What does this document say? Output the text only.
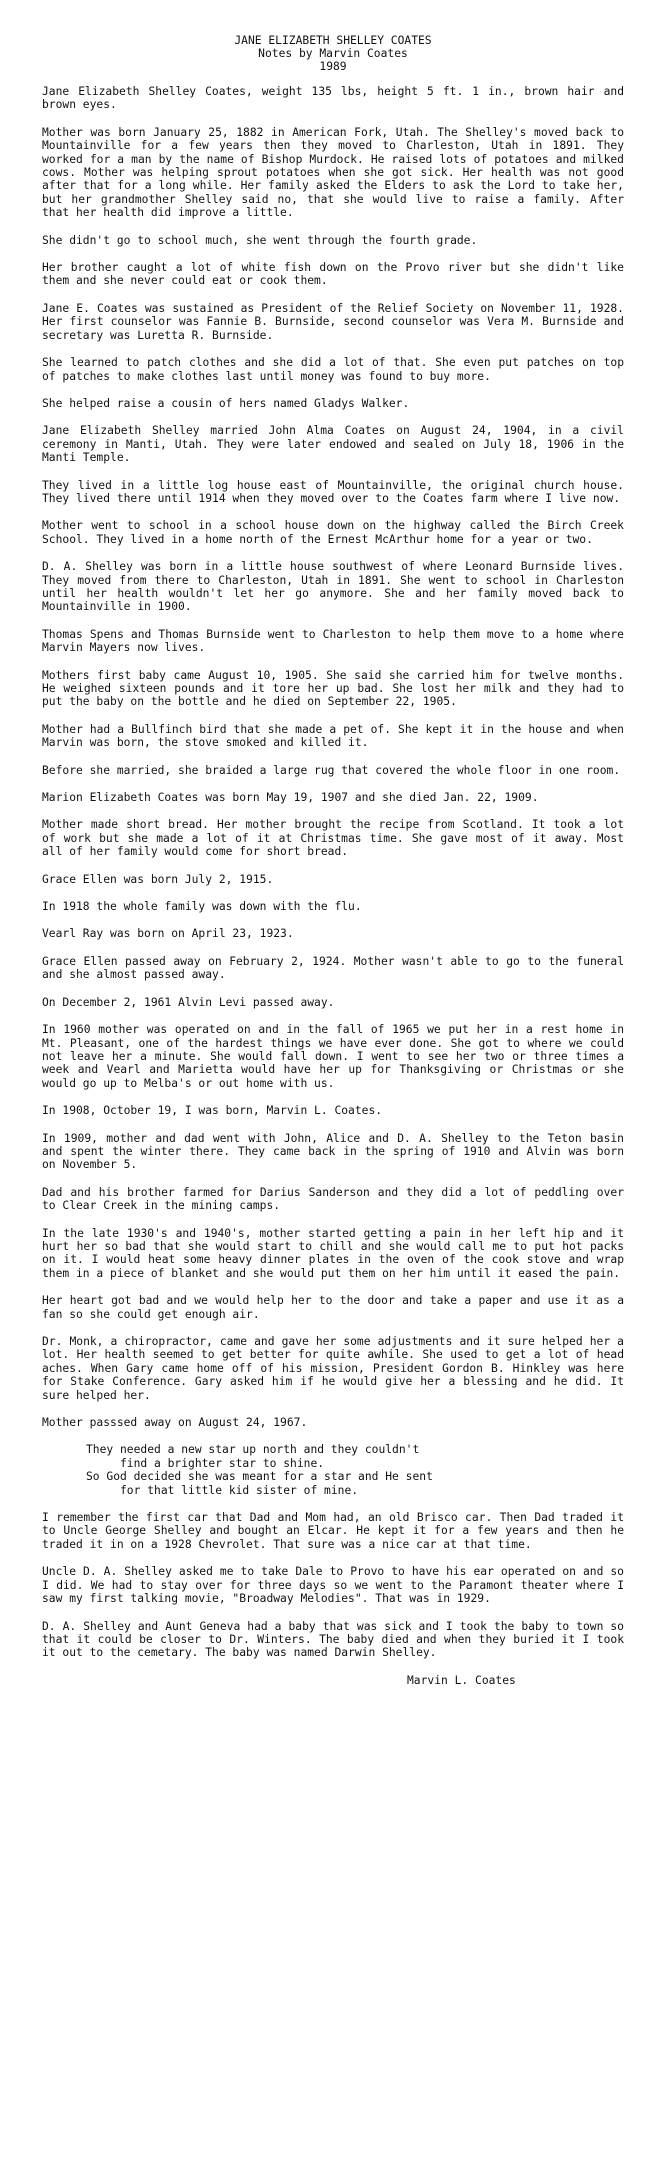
JANE ELIZABETH SHELLEY COATES
Notes by Marvin Coates
1989

Jane Elizabeth Shelley Coates, weight 135 lbs, height 5 ft. 1 in., brown hair and brown eyes.

Mother was born January 25, 1882 in American Fork, Utah. The Shelley's moved back to Mountainville for a few years then they moved to Charleston, Utah in 1891. They worked for a man by the name of Bishop Murdock. He raised lots of potatoes and milked cows. Mother was helping sprout potatoes when she got sick. Her health was not good after that for a long while. Her family asked the Elders to ask the Lord to take her, but her grandmother Shelley said no, that she would live to raise a family. After that her health did improve a little.

She didn't go to school much, she went through the fourth grade.

Her brother caught a lot of white fish down on the Provo river but she didn't like them and she never could eat or cook them.

Jane E. Coates was sustained as President of the Relief Society on November 11, 1928. Her first counselor was Fannie B. Burnside, second counselor was Vera M. Burnside and secretary was Luretta R. Burnside.

She learned to patch clothes and she did a lot of that. She even put patches on top of patches to make clothes last until money was found to buy more.

She helped raise a cousin of hers named Gladys Walker.

Jane Elizabeth Shelley married John Alma Coates on August 24, 1904, in a civil ceremony in Manti, Utah. They were later endowed and sealed on July 18, 1906 in the Manti Temple.

They lived in a little log house east of Mountainville, the original church house. They lived there until 1914 when they moved over to the Coates farm where I live now.

Mother went to school in a school house down on the highway called the Birch Creek School. They lived in a home north of the Ernest McArthur home for a year or two.

D. A. Shelley was born in a little house southwest of where Leonard Burnside lives. They moved from there to Charleston, Utah in 1891. She went to school in Charleston until her health wouldn't let her go anymore. She and her family moved back to Mountainville in 1900.

Thomas Spens and Thomas Burnside went to Charleston to help them move to a home where Marvin Mayers now lives.

Mothers first baby came August 10, 1905. She said she carried him for twelve months. He weighed sixteen pounds and it tore her up bad. She lost her milk and they had to put the baby on the bottle and he died on September 22, 1905.

Mother had a Bullfinch bird that she made a pet of. She kept it in the house and when Marvin was born, the stove smoked and killed it.

Before she married, she braided a large rug that covered the whole floor in one room.

Marion Elizabeth Coates was born May 19, 1907 and she died Jan. 22, 1909.

Mother made short bread. Her mother brought the recipe from Scotland. It took a lot of work but she made a lot of it at Christmas time. She gave most of it away. Most all of her family would come for short bread.

Grace Ellen was born July 2, 1915.

In 1918 the whole family was down with the flu.

Vearl Ray was born on April 23, 1923.

Grace Ellen passed away on February 2, 1924. Mother wasn't able to go to the funeral and she almost passed away.

On December 2, 1961 Alvin Levi passed away.

In 1960 mother was operated on and in the fall of 1965 we put her in a rest home in Mt. Pleasant, one of the hardest things we have ever done. She got to where we could not leave her a minute. She would fall down. I went to see her two or three times a week and Vearl and Marietta would have her up for Thanksgiving or Christmas or she would go up to Melba's or out home with us.

In 1908, October 19, I was born, Marvin L. Coates.

In 1909, mother and dad went with John, Alice and D. A. Shelley to the Teton basin and spent the winter there. They came back in the spring of 1910 and Alvin was born on November 5.

Dad and his brother farmed for Darius Sanderson and they did a lot of peddling over to Clear Creek in the mining camps.

In the late 1930's and 1940's, mother started getting a pain in her left hip and it hurt her so bad that she would start to chill and she would call me to put hot packs on it. I would heat some heavy dinner plates in the oven of the cook stove and wrap them in a piece of blanket and she would put them on her him until it eased the pain.

Her heart got bad and we would help her to the door and take a paper and use it as a fan so she could get enough air.

Dr. Monk, a chiropractor, came and gave her some adjustments and it sure helped her a lot. Her health seemed to get better for quite awhile. She used to get a lot of head aches. When Gary came home off of his mission, President Gordon B. Hinkley was here for Stake Conference. Gary asked him if he would give her a blessing and he did. It sure helped her.

Mother passsed away on August 24, 1967.

They needed a new star up north and they couldn't
find a brighter star to shine.
So God decided she was meant for a star and He sent
for that little kid sister of mine.

I remember the first car that Dad and Mom had, an old Brisco car. Then Dad traded it to Uncle George Shelley and bought an Elcar. He kept it for a few years and then he traded it in on a 1928 Chevrolet. That sure was a nice car at that time.

Uncle D. A. Shelley asked me to take Dale to Provo to have his ear operated on and so I did. We had to stay over for three days so we went to the Paramont theater where I saw my first talking movie, "Broadway Melodies". That was in 1929.

D. A. Shelley and Aunt Geneva had a baby that was sick and I took the baby to town so that it could be closer to Dr. Winters. The baby died and when they buried it I took it out to the cemetary. The baby was named Darwin Shelley.

Marvin L. Coates
